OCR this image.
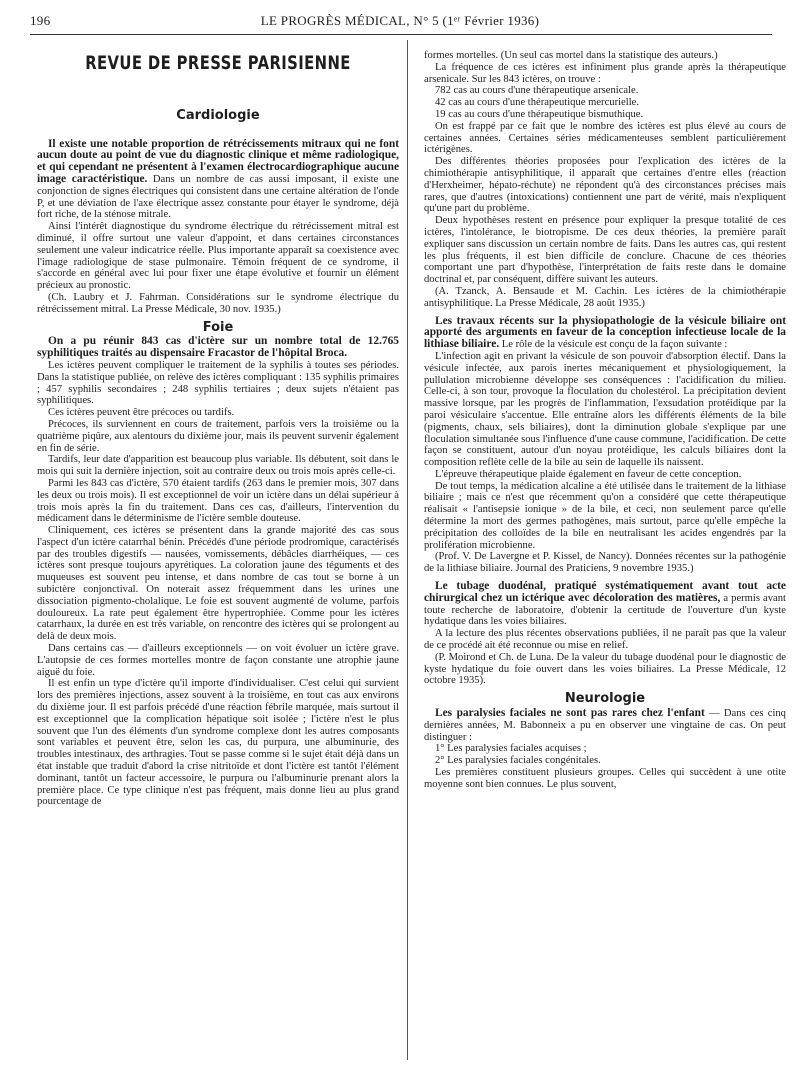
196	LE PROGRÈS MÉDICAL, N° 5 (1ᵉʳ Février 1936)
REVUE DE PRESSE PARISIENNE
Cardiologie

Il existe une notable proportion de rétrécissements mitraux qui ne font aucun doute au point de vue du diagnostic clinique et même radiologique, et qui cependant ne présentent à l'examen électrocardiographique aucune image caractéristique. Dans un nombre de cas aussi imposant, il existe une conjonction de signes électriques qui consistent dans une certaine altération de l'onde P, et une déviation de l'axe électrique assez constante pour étayer le syndrome, déjà fort riche, de la sténose mitrale.

Ainsi l'intérêt diagnostique du syndrome électrique du rétrécissement mitral est diminué, il offre surtout une valeur d'appoint, et dans certaines circonstances seulement une valeur indicatrice réelle. Plus importante apparaît sa coexistence avec l'image radiologique de stase pulmonaire. Témoin fréquent de ce syndrome, il s'accorde en général avec lui pour fixer une étape évolutive et fournir un élément précieux au pronostic.

(Ch. Laubry et J. Fahrman. Considérations sur le syndrome électrique du rétrécissement mitral. La Presse Médicale, 30 nov. 1935.)

Foie

On a pu réunir 843 cas d'ictère sur un nombre total de 12.765 syphilitiques traités au dispensaire Fracastor de l'hôpital Broca.

Les ictères peuvent compliquer le traitement de la syphilis à toutes ses périodes. Dans la statistique publiée, on relève des ictères compliquant : 135 syphilis primaires ; 457 syphilis secondaires ; 248 syphilis tertiaires ; deux sujets n'étaient pas syphilitiques.

Ces ictères peuvent être précoces ou tardifs.

Précoces, ils surviennent en cours de traitement, parfois vers la troisième ou la quatrième piqûre, aux alentours du dixième jour, mais ils peuvent survenir également en fin de série.

Tardifs, leur date d'apparition est beaucoup plus variable. Ils débutent, soit dans le mois qui suit la dernière injection, soit au contraire deux ou trois mois après celle-ci.

Parmi les 843 cas d'ictère, 570 étaient tardifs (263 dans le premier mois, 307 dans les deux ou trois mois). Il est exceptionnel de voir un ictère dans un délai supérieur à trois mois après la fin du traitement. Dans ces cas, d'ailleurs, l'intervention du médicament dans le déterminisme de l'ictère semble douteuse.

Cliniquement, ces ictères se présentent dans la grande majorité des cas sous l'aspect d'un ictère catarrhal bénin. Précédés d'une période prodromique, caractérisés par des troubles digestifs — nausées, vomissements, débâcles diarrhéiques, — ces ictères sont presque toujours apyrétiques. La coloration jaune des téguments et des muqueuses est souvent peu intense, et dans nombre de cas tout se borne à un subictère conjonctival. On noterait assez fréquemment dans les urines une dissociation pigmento-cholalique. Le foie est souvent augmenté de volume, parfois douloureux. La rate peut également être hypertrophiée. Comme pour les ictères catarrhaux, la durée en est très variable, on rencontre des ictères qui se prolongent au delà de deux mois.

Dans certains cas — d'ailleurs exceptionnels — on voit évoluer un ictère grave. L'autopsie de ces formes mortelles montre de façon constante une atrophie jaune aiguë du foie.

Il est enfin un type d'ictère qu'il importe d'individualiser. C'est celui qui survient lors des premières injections, assez souvent à la troisième, en tout cas aux environs du dixième jour. Il est parfois précédé d'une réaction fébrile marquée, mais surtout il est exceptionnel que la complication hépatique soit isolée ; l'ictère n'est le plus souvent que l'un des éléments d'un syndrome complexe dont les autres composants sont variables et peuvent être, selon les cas, du purpura, une albuminurie, des troubles intestinaux, des arthragies. Tout se passe comme si le sujet était déjà dans un état instable que traduit d'abord la crise nitritoïde et dont l'ictère est tantôt l'élément dominant, tantôt un facteur accessoire, le purpura ou l'albuminurie prenant alors la première place. Ce type clinique n'est pas fréquent, mais donne lieu au plus grand pourcentage de

formes mortelles. (Un seul cas mortel dans la statistique des auteurs.)

La fréquence de ces ictères est infiniment plus grande après la thérapeutique arsenicale. Sur les 843 ictères, on trouve :

782 cas au cours d'une thérapeutique arsenicale.

42 cas au cours d'une thérapeutique mercurielle.

19 cas au cours d'une thérapeutique bismuthique.

On est frappé par ce fait que le nombre des ictères est plus élevé au cours de certaines années. Certaines séries médicamenteuses semblent particulièrement ictérigènes.

Des différentes théories proposées pour l'explication des ictères de la chimiothérapie antisyphilitique, il apparaît que certaines d'entre elles (réaction d'Herxheimer, hépato-réchute) ne répondent qu'à des circonstances précises mais rares, que d'autres (intoxications) contiennent une part de vérité, mais n'expliquent qu'une part du problème.

Deux hypothèses restent en présence pour expliquer la presque totalité de ces ictères, l'intolérance, le biotropisme. De ces deux théories, la première paraît expliquer sans discussion un certain nombre de faits. Dans les autres cas, qui restent les plus fréquents, il est bien difficile de conclure. Chacune de ces théories comportant une part d'hypothèse, l'interprétation de faits reste dans le domaine doctrinal et, par conséquent, diffère suivant les auteurs.

(A. Tzanck, A. Bensaude et M. Cachin. Les ictères de la chimiothérapie antisyphilitique. La Presse Médicale, 28 août 1935.)

Les travaux récents sur la physiopathologie de la vésicule biliaire ont apporté des arguments en faveur de la conception infectieuse locale de la lithiase biliaire. Le rôle de la vésicule est conçu de la façon suivante :

L'infection agit en privant la vésicule de son pouvoir d'absorption électif. Dans la vésicule infectée, aux parois inertes mécaniquement et physiologiquement, la pullulation microbienne développe ses conséquences : l'acidification du milieu. Celle-ci, à son tour, provoque la floculation du cholestérol. La précipitation devient massive lorsque, par les progrès de l'inflammation, l'exsudation protéidique par la paroi vésiculaire s'accentue. Elle entraîne alors les différents éléments de la bile (pigments, chaux, sels biliaires), dont la diminution globale s'explique par une floculation simultanée sous l'influence d'une cause commune, l'acidification. De cette façon se constituent, autour d'un noyau protéidique, les calculs biliaires dont la composition reflète celle de la bile au sein de laquelle ils naissent.

L'épreuve thérapeutique plaide également en faveur de cette conception.

De tout temps, la médication alcaline a été utilisée dans le traitement de la lithiase biliaire ; mais ce n'est que récemment qu'on a considéré que cette thérapeutique réalisait « l'antisepsie ionique » de la bile, et ceci, non seulement parce qu'elle détermine la mort des germes pathogènes, mais surtout, parce qu'elle empêche la précipitation des colloïdes de la bile en neutralisant les acides engendrés par la prolifération microbienne.

(Prof. V. De Lavergne et P. Kissel, de Nancy). Données récentes sur la pathogénie de la lithiase biliaire. Journal des Praticiens, 9 novembre 1935.)

Le tubage duodénal, pratiqué systématiquement avant tout acte chirurgical chez un ictérique avec décoloration des matières, a permis avant toute recherche de laboratoire, d'obtenir la certitude de l'ouverture d'un kyste hydatique dans les voies biliaires.

A la lecture des plus récentes observations publiées, il ne paraît pas que la valeur de ce procédé ait été reconnue ou mise en relief.

(P. Moirond et Ch. de Luna. De la valeur du tubage duodénal pour le diagnostic de kyste hydatique du foie ouvert dans les voies biliaires. La Presse Médicale, 12 octobre 1935).

Neurologie

Les paralysies faciales ne sont pas rares chez l'enfant — Dans ces cinq dernières années, M. Babonneix a pu en observer une vingtaine de cas. On peut distinguer :

1° Les paralysies faciales acquises ;

2° Les paralysies faciales congénitales.

Les premières constituent plusieurs groupes. Celles qui succèdent à une otite moyenne sont bien connues. Le plus souvent,
